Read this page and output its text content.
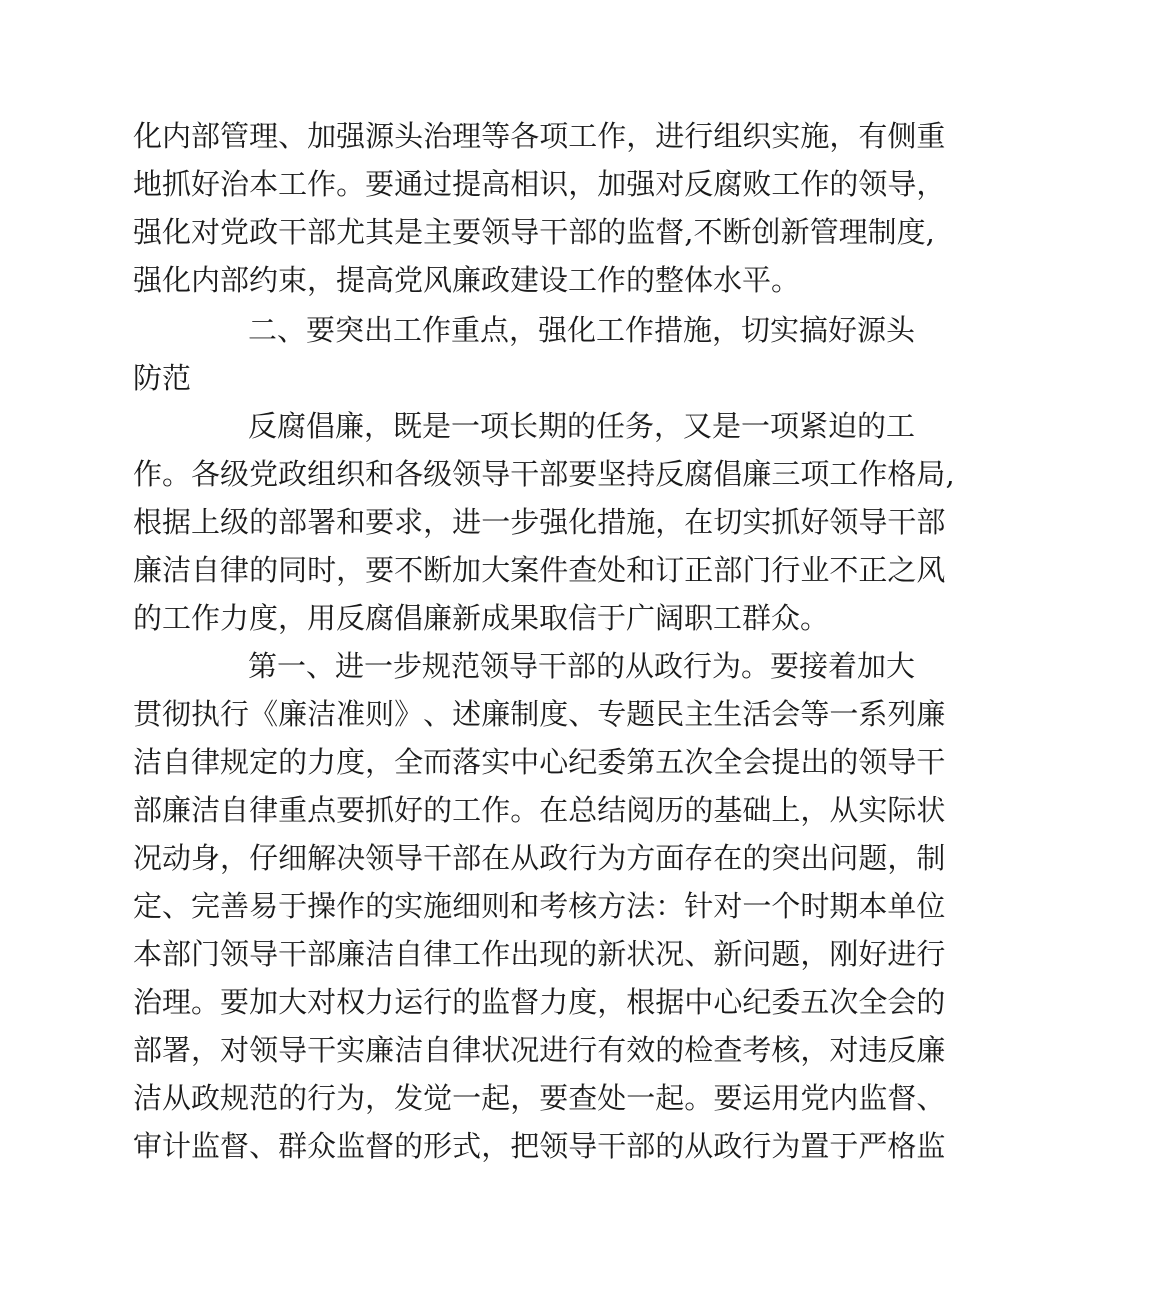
化 内 部 管 理 、 加 强 源 头 治 理 等 各 项 工 作 ， 进 行 组 织 实 施 ， 有 侧 重
地 抓 好 治 本 工 作 。 要 通 过 提 高 相 识 ， 加 强 对 反 腐 败 工 作 的 领 导 ，
强 化 对 党 政 干 部 尤 其 是 主 要 领 导 干 部 的 监 督 , 不 断 创 新 管 理 制 度 ,
强化内部约束，提高党风廉政建设工作的整体水平。
二、要突出工作重点，强化工作措施，切实搞好源头
防范
反腐倡廉，既是一项长期的任务，又是一项紧迫的工
作 。 各 级 党 政 组 织 和 各 级 领 导 干 部 要 坚 持 反 腐 倡 廉 三 项 工 作 格 局 ,
根 据 上 级 的 部 署 和 要 求 ， 进 一 步 强 化 措 施 ， 在 切 实 抓 好 领 导 干 部
廉 洁 自 律 的 同 时 ， 要 不 断 加 大 案 件 查 处 和 订 正 部 门 行 业 不 正 之 风
的工作力度，用反腐倡廉新成果取信于广阔职工群众。
第一、进一步规范领导干部的从政行为。要接着加大
贯 彻 执 行 《 廉 洁 准 则 》 、 述 廉 制 度 、 专 题 民 主 生 活 会 等 一 系 列 廉
洁 自 律 规 定 的 力 度 ， 全 而 落 实 中 心 纪 委 第 五 次 全 会 提 出 的 领 导 干
部 廉 洁 自 律 重 点 要 抓 好 的 工 作 。 在 总 结 阅 历 的 基 础 上 ， 从 实 际 状
况 动 身 ， 仔 细 解 决 领 导 干 部 在 从 政 行 为 方 面 存 在 的 突 出 问 题 ， 制
定 、 完 善 易 于 操 作 的 实 施 细 则 和 考 核 方 法 ： 针 对 一 个 时 期 本 单 位
本 部 门 领 导 干 部 廉 洁 自 律 工 作 出 现 的 新 状 况 、 新 问 题 ， 刚 好 进 行
治 理 。 要 加 大 对 权 力 运 行 的 监 督 力 度 ， 根 据 中 心 纪 委 五 次 全 会 的
部 署 ， 对 领 导 干 实 廉 洁 自 律 状 况 进 行 有 效 的 检 查 考 核 ， 对 违 反 廉
洁 从 政 规 范 的 行 为 ， 发 觉 一 起 ， 要 查 处 一 起 。 要 运 用 党 内 监 督 、
审 计 监 督 、 群 众 监 督 的 形 式 ， 把 领 导 干 部 的 从 政 行 为 置 于 严 格 监
